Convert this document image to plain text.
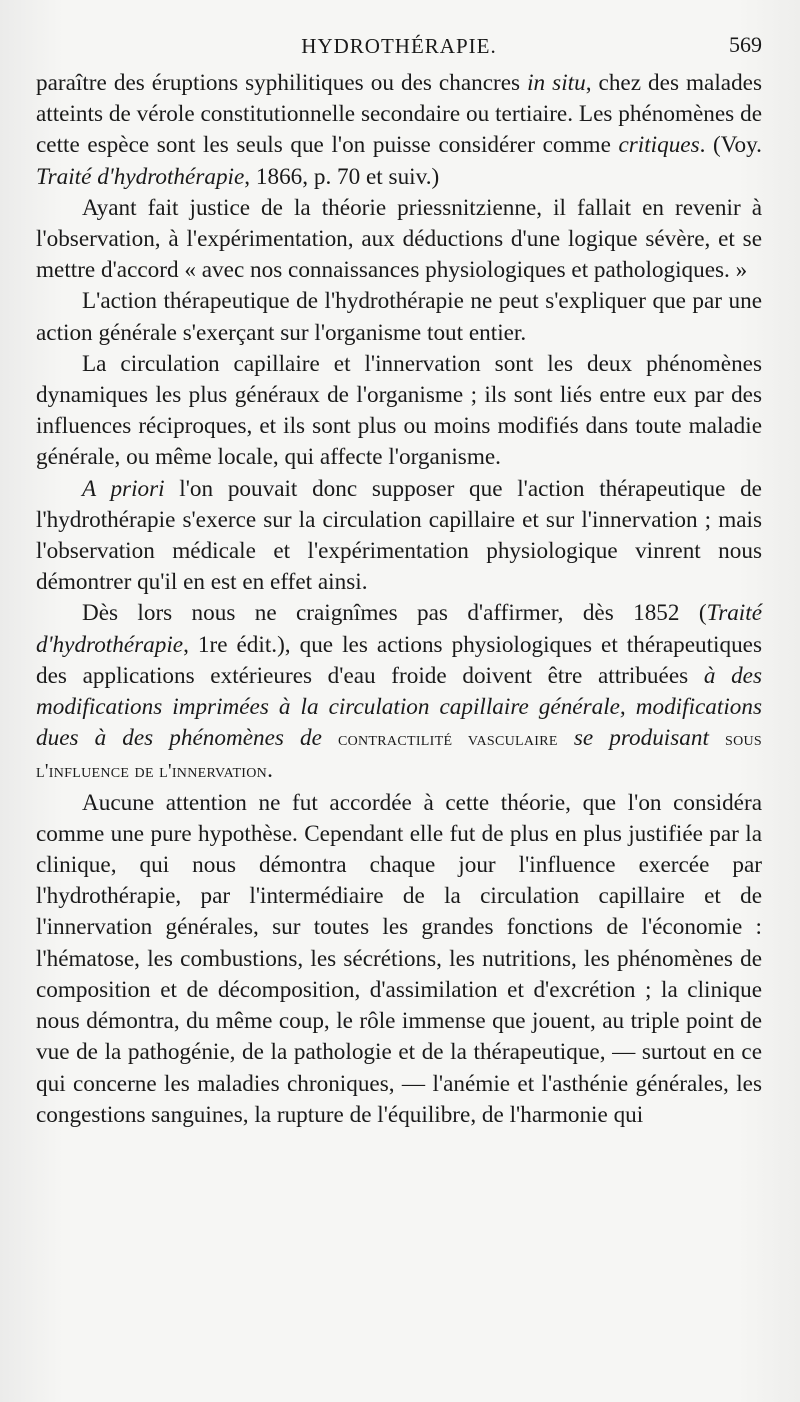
HYDROTHÉRAPIE.	569

paraître des éruptions syphilitiques ou des chancres in situ, chez des malades atteints de vérole constitutionnelle secondaire ou tertiaire. Les phénomènes de cette espèce sont les seuls que l'on puisse considérer comme critiques. (Voy. Traité d'hydrothérapie, 1866, p. 70 et suiv.)

Ayant fait justice de la théorie priessnitzienne, il fallait en revenir à l'observation, à l'expérimentation, aux déductions d'une logique sévère, et se mettre d'accord « avec nos connaissances physiologiques et pathologiques. »

L'action thérapeutique de l'hydrothérapie ne peut s'expliquer que par une action générale s'exerçant sur l'organisme tout entier.

La circulation capillaire et l'innervation sont les deux phénomènes dynamiques les plus généraux de l'organisme ; ils sont liés entre eux par des influences réciproques, et ils sont plus ou moins modifiés dans toute maladie générale, ou même locale, qui affecte l'organisme.

A priori l'on pouvait donc supposer que l'action thérapeutique de l'hydrothérapie s'exerce sur la circulation capillaire et sur l'innervation ; mais l'observation médicale et l'expérimentation physiologique vinrent nous démontrer qu'il en est en effet ainsi.

Dès lors nous ne craignîmes pas d'affirmer, dès 1852 (Traité d'hydrothérapie, 1re édit.), que les actions physiologiques et thérapeutiques des applications extérieures d'eau froide doivent être attribuées à des modifications imprimées à la circulation capillaire générale, modifications dues à des phénomènes de contractilité vasculaire se produisant sous l'influence de l'innervation.

Aucune attention ne fut accordée à cette théorie, que l'on considéra comme une pure hypothèse. Cependant elle fut de plus en plus justifiée par la clinique, qui nous démontra chaque jour l'influence exercée par l'hydrothérapie, par l'intermédiaire de la circulation capillaire et de l'innervation générales, sur toutes les grandes fonctions de l'économie : l'hématose, les combustions, les sécrétions, les nutritions, les phénomènes de composition et de décomposition, d'assimilation et d'excrétion ; la clinique nous démontra, du même coup, le rôle immense que jouent, au triple point de vue de la pathogénie, de la pathologie et de la thérapeutique, — surtout en ce qui concerne les maladies chroniques, — l'anémie et l'asthénie générales, les congestions sanguines, la rupture de l'équilibre, de l'harmonie qui
